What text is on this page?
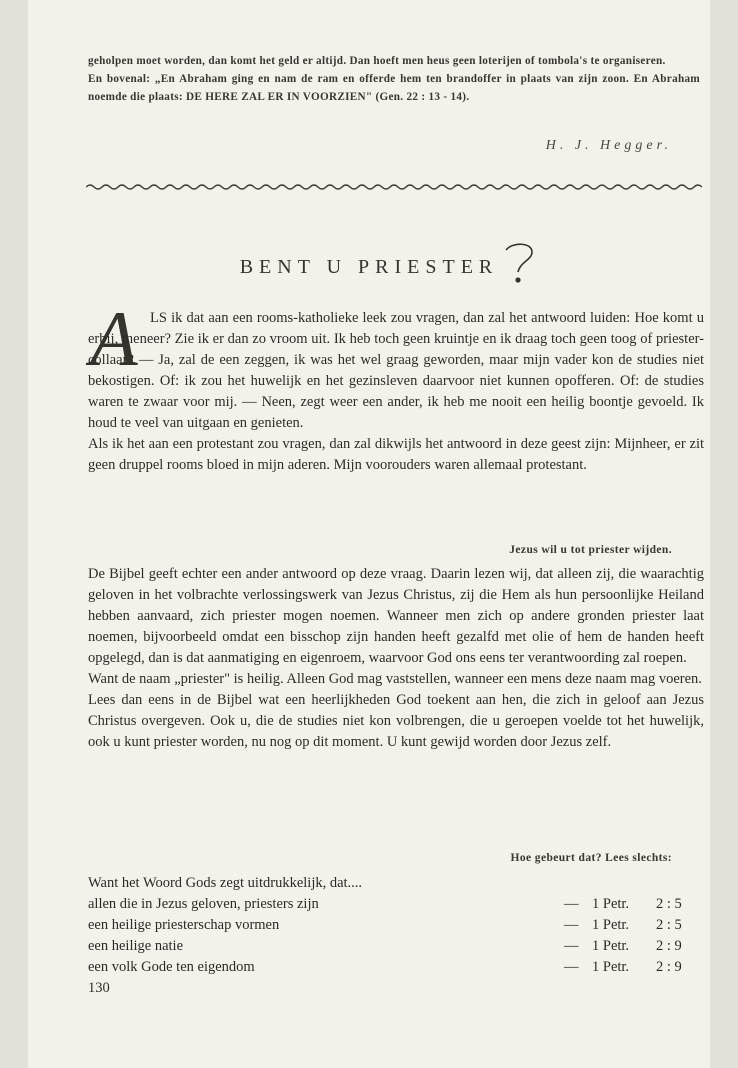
geholpen moet worden, dan komt het geld er altijd. Dan hoeft men heus geen loterijen of tombola's te organiseren.

En bovenal: „En Abraham ging en nam de ram en offerde hem ten brandoffer in plaats van zijn zoon. En Abraham noemde die plaats: DE HERE ZAL ER IN VOORZIEN" (Gen. 22 : 13 - 14).

H. J. Hegger.
BENT U PRIESTER
A LS ik dat aan een rooms-katholieke leek zou vragen, dan zal het antwoord luiden: Hoe komt u erbij, meneer? Zie ik er dan zo vroom uit. Ik heb toch geen kruintje en ik draag toch geen toog of priester-collaar? — Ja, zal de een zeggen, ik was het wel graag geworden, maar mijn vader kon de studies niet bekostigen. Of: ik zou het huwelijk en het gezinsleven daarvoor niet kunnen opofferen. Of: de studies waren te zwaar voor mij. — Neen, zegt weer een ander, ik heb me nooit een heilig boontje gevoeld. Ik houd te veel van uitgaan en genieten.

Als ik het aan een protestant zou vragen, dan zal dikwijls het antwoord in deze geest zijn: Mijnheer, er zit geen druppel rooms bloed in mijn aderen. Mijn voorouders waren allemaal protestant.

Jezus wil u tot priester wijden.

De Bijbel geeft echter een ander antwoord op deze vraag. Daarin lezen wij, dat alleen zij, die waarachtig geloven in het volbrachte verlossingswerk van Jezus Christus, zij die Hem als hun persoonlijke Heiland hebben aanvaard, zich priester mogen noemen. Wanneer men zich op andere gronden priester laat noemen, bijvoorbeeld omdat een bisschop zijn handen heeft gezalfd met olie of hem de handen heeft opgelegd, dan is dat aanmatiging en eigenroem, waarvoor God ons eens ter verantwoording zal roepen.

Want de naam „priester" is heilig. Alleen God mag vaststellen, wanneer een mens deze naam mag voeren.

Lees dan eens in de Bijbel wat een heerlijkheden God toekent aan hen, die zich in geloof aan Jezus Christus overgeven. Ook u, die de studies niet kon volbrengen, die u geroepen voelde tot het huwelijk, ook u kunt priester worden, nu nog op dit moment. U kunt gewijd worden door Jezus zelf.

Hoe gebeurt dat? Lees slechts:
Want het Woord Gods zegt uitdrukkelijk, dat....
allen die in Jezus geloven, priesters zijn	— 1 Petr.	2 : 5
een heilige priesterschap vormen	— 1 Petr.	2 : 5
een heilige natie	— 1 Petr.	2 : 9
een volk Gode ten eigendom	— 1 Petr.	2 : 9
130
